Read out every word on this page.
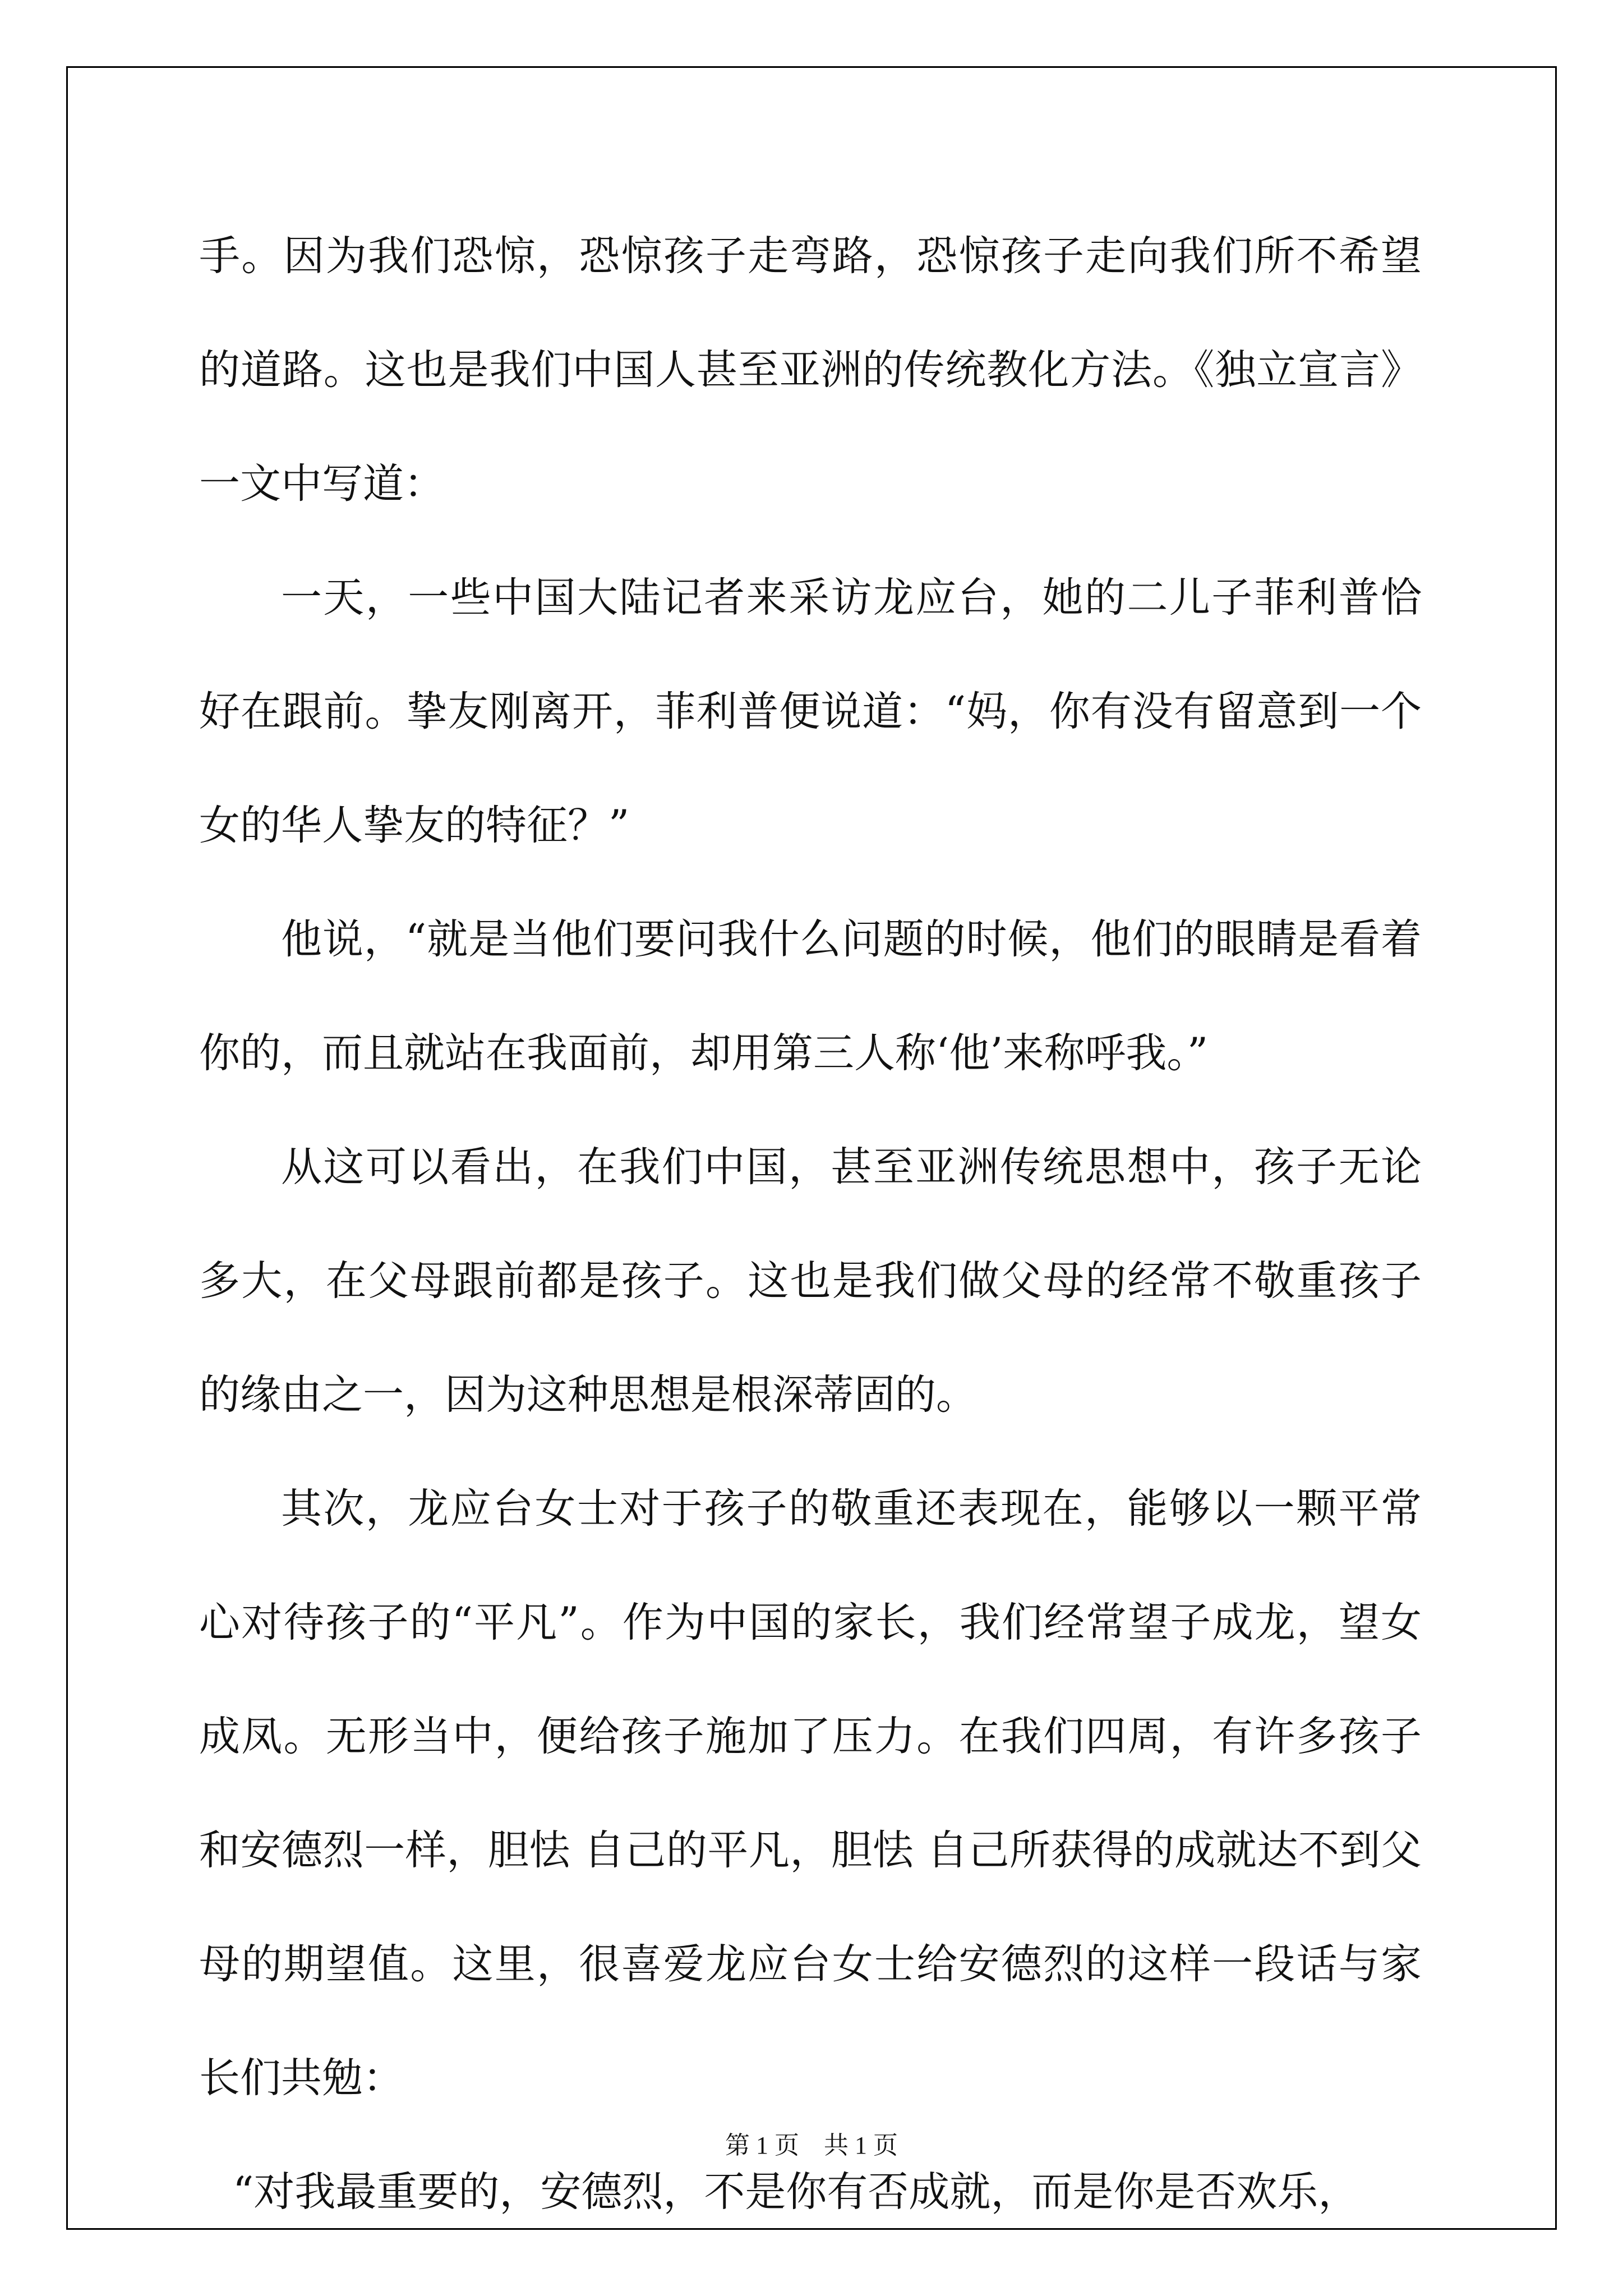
手。因为我们恐惊，恐惊孩子走弯路，恐惊孩子走向我们所不希望的道路。这也是我们中国人甚至亚洲的传统教化方法。《独立宣言》一文中写道：

一天，一些中国大陆记者来采访龙应台，她的二儿子菲利普恰好在跟前。挚友刚离开，菲利普便说道：“妈，你有没有留意到一个女的华人挚友的特征？”

他说，“就是当他们要问我什么问题的时候，他们的眼睛是看着你的，而且就站在我面前，却用第三人称‘他’来称呼我。”

从这可以看出，在我们中国，甚至亚洲传统思想中，孩子无论多大，在父母跟前都是孩子。这也是我们做父母的经常不敬重孩子的缘由之一，因为这种思想是根深蒂固的。

其次，龙应台女士对于孩子的敬重还表现在，能够以一颗平常心对待孩子的“平凡”。作为中国的家长，我们经常望子成龙，望女成凤。无形当中，便给孩子施加了压力。在我们四周，有许多孩子和安德烈一样，胆怯 自己的平凡，胆怯 自己所获得的成就达不到父母的期望值。这里，很喜爱龙应台女士给安德烈的这样一段话与家长们共勉：

“对我最重要的，安德烈，不是你有否成就，而是你是否欢乐，

第 1 页    共 1 页
